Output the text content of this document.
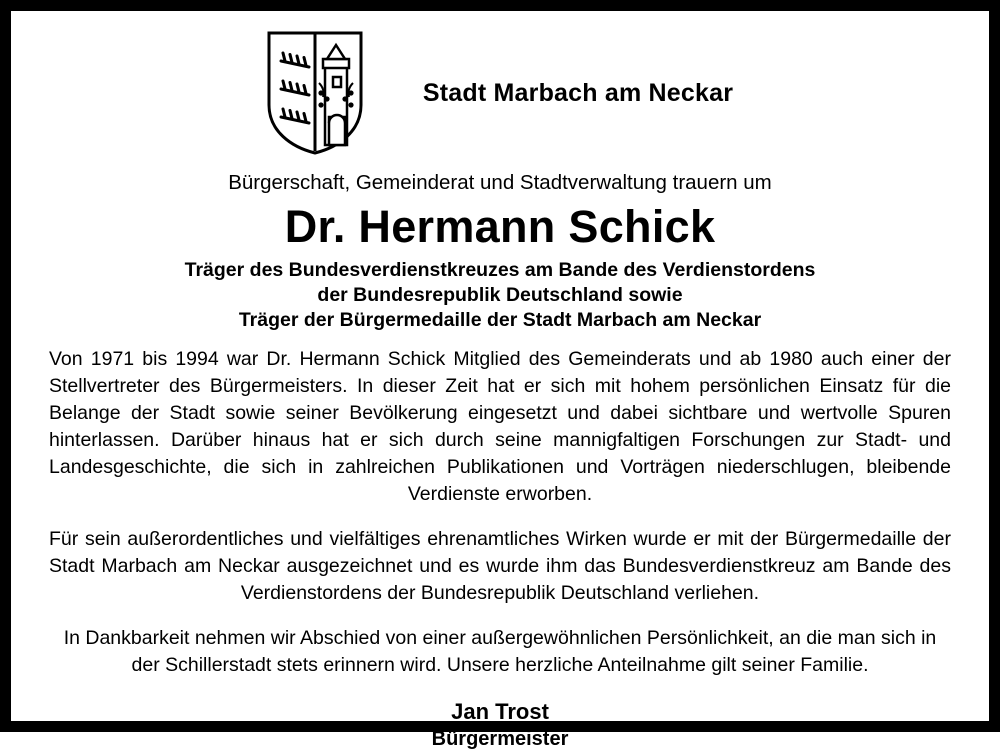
Stadt Marbach am Neckar
Bürgerschaft, Gemeinderat und Stadtverwaltung trauern um
Dr. Hermann Schick
Träger des Bundesverdienstkreuzes am Bande des Verdienstordens
der Bundesrepublik Deutschland sowie
Träger der Bürgermedaille der Stadt Marbach am Neckar

Von 1971 bis 1994 war Dr. Hermann Schick Mitglied des Gemeinderats und ab 1980 auch einer der Stellvertreter des Bürgermeisters. In dieser Zeit hat er sich mit hohem persönlichen Einsatz für die Belange der Stadt sowie seiner Bevölkerung eingesetzt und dabei sichtbare und wertvolle Spuren hinterlassen. Darüber hinaus hat er sich durch seine mannigfaltigen Forschungen zur Stadt- und Landesgeschichte, die sich in zahlreichen Publikationen und Vorträgen niederschlugen, bleibende Verdienste erworben.

Für sein außerordentliches und vielfältiges ehrenamtliches Wirken wurde er mit der Bürgermedaille der Stadt Marbach am Neckar ausgezeichnet und es wurde ihm das Bundesverdienstkreuz am Bande des Verdienstordens der Bundesrepublik Deutschland verliehen.

In Dankbarkeit nehmen wir Abschied von einer außergewöhnlichen Persönlichkeit, an die man sich in der Schillerstadt stets erinnern wird. Unsere herzliche Anteilnahme gilt seiner Familie.

Jan Trost
Bürgermeister
